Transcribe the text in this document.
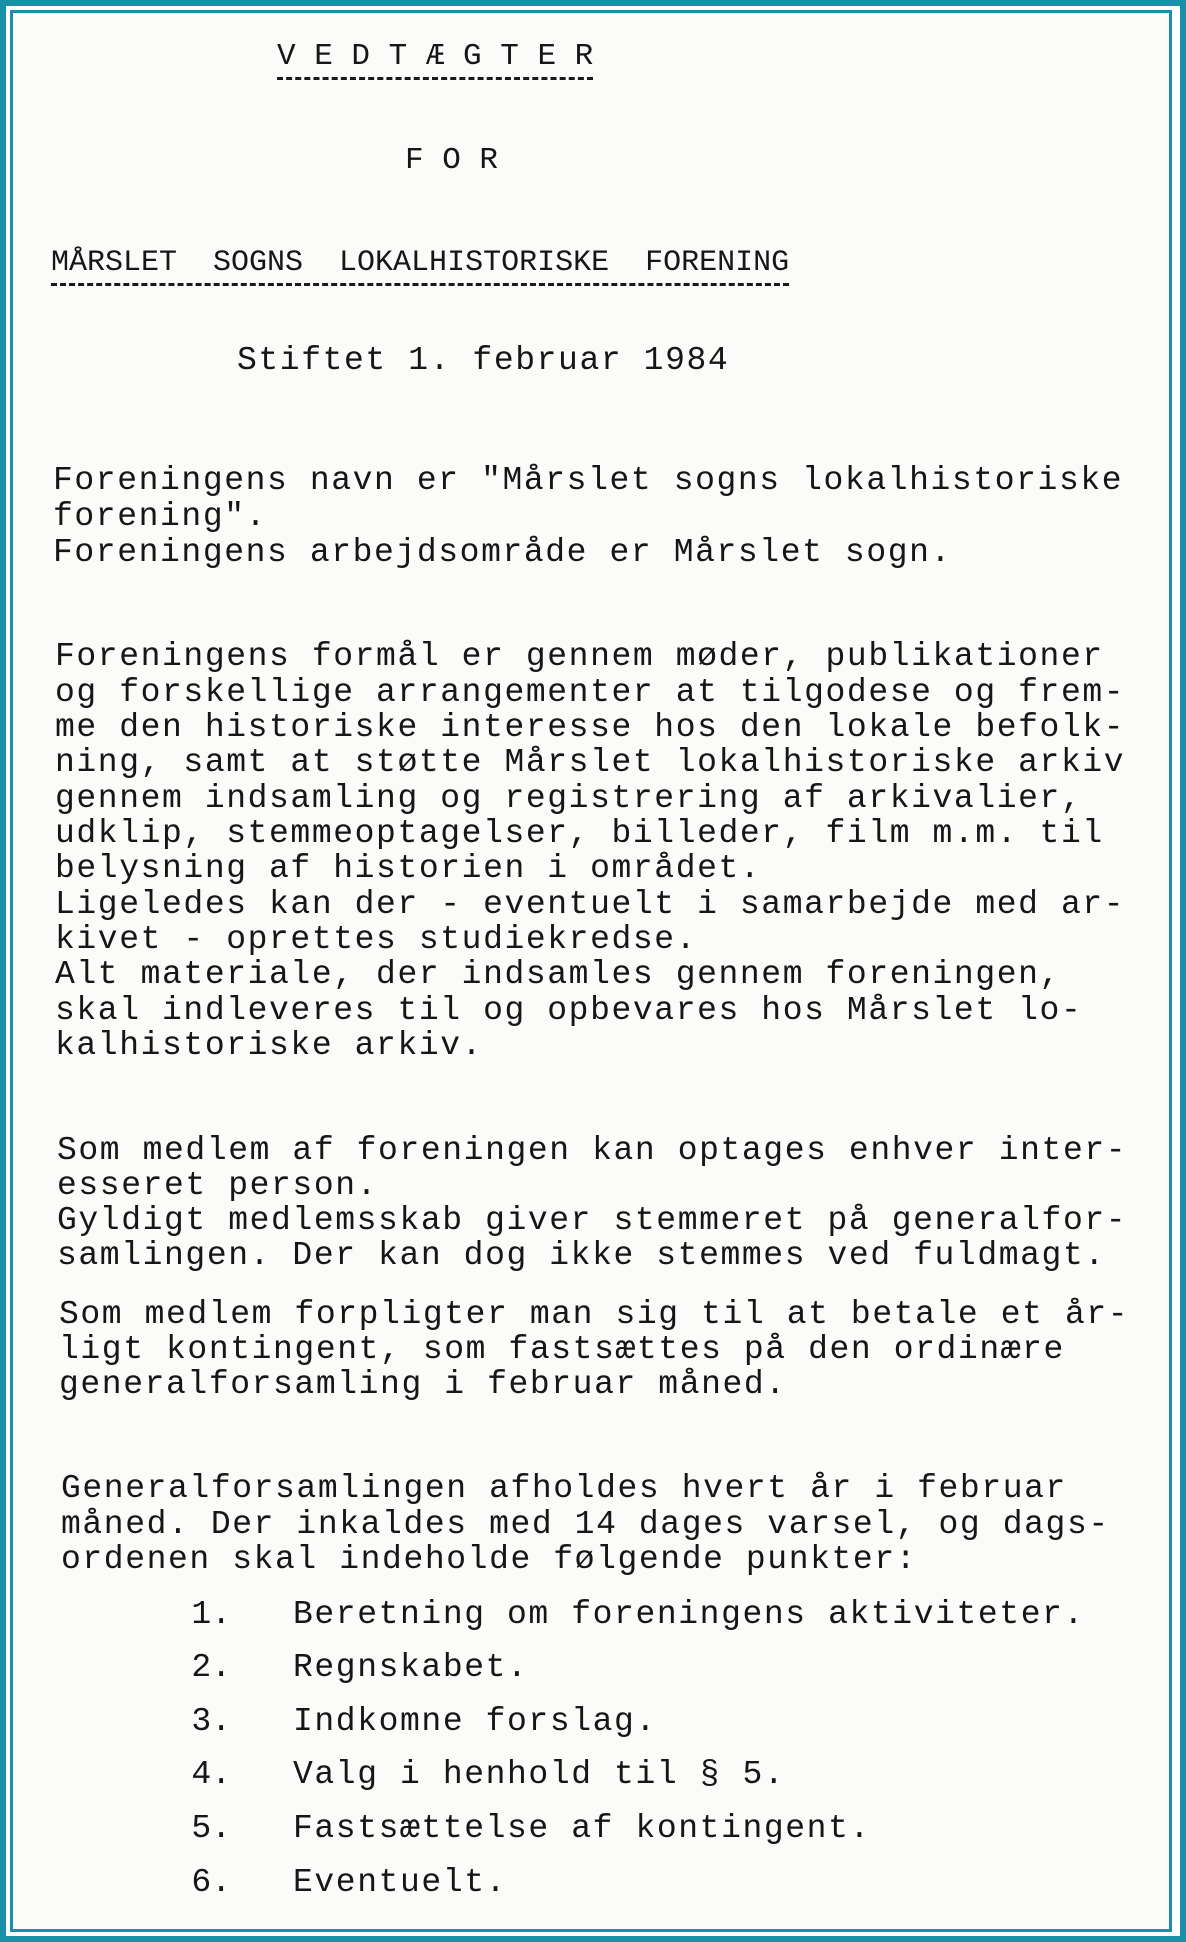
V E D T Æ G T E R
F O R
MÅRSLET  SOGNS  LOKALHISTORISKE  FORENING
Stiftet 1. februar 1984
Foreningens navn er "Mårslet sogns lokalhistoriske
forening".
Foreningens arbejdsområde er Mårslet sogn.
Foreningens formål er gennem møder, publikationer
og forskellige arrangementer at tilgodese og frem-
me den historiske interesse hos den lokale befolk-
ning, samt at støtte Mårslet lokalhistoriske arkiv
gennem indsamling og registrering af arkivalier,
udklip, stemmeoptagelser, billeder, film m.m. til
belysning af historien i området.
Ligeledes kan der - eventuelt i samarbejde med ar-
kivet - oprettes studiekredse.
Alt materiale, der indsamles gennem foreningen,
skal indleveres til og opbevares hos Mårslet lo-
kalhistoriske arkiv.
Som medlem af foreningen kan optages enhver inter-
esseret person.
Gyldigt medlemsskab giver stemmeret på generalfor-
samlingen. Der kan dog ikke stemmes ved fuldmagt.
Som medlem forpligter man sig til at betale et år-
ligt kontingent, som fastsættes på den ordinære
generalforsamling i februar måned.
Generalforsamlingen afholdes hvert år i februar
måned. Der inkaldes med 14 dages varsel, og dags-
ordenen skal indeholde følgende punkter:
1. Beretning om foreningens aktiviteter.
2. Regnskabet.
3. Indkomne forslag.
4. Valg i henhold til § 5.
5. Fastsættelse af kontingent.
6. Eventuelt.
